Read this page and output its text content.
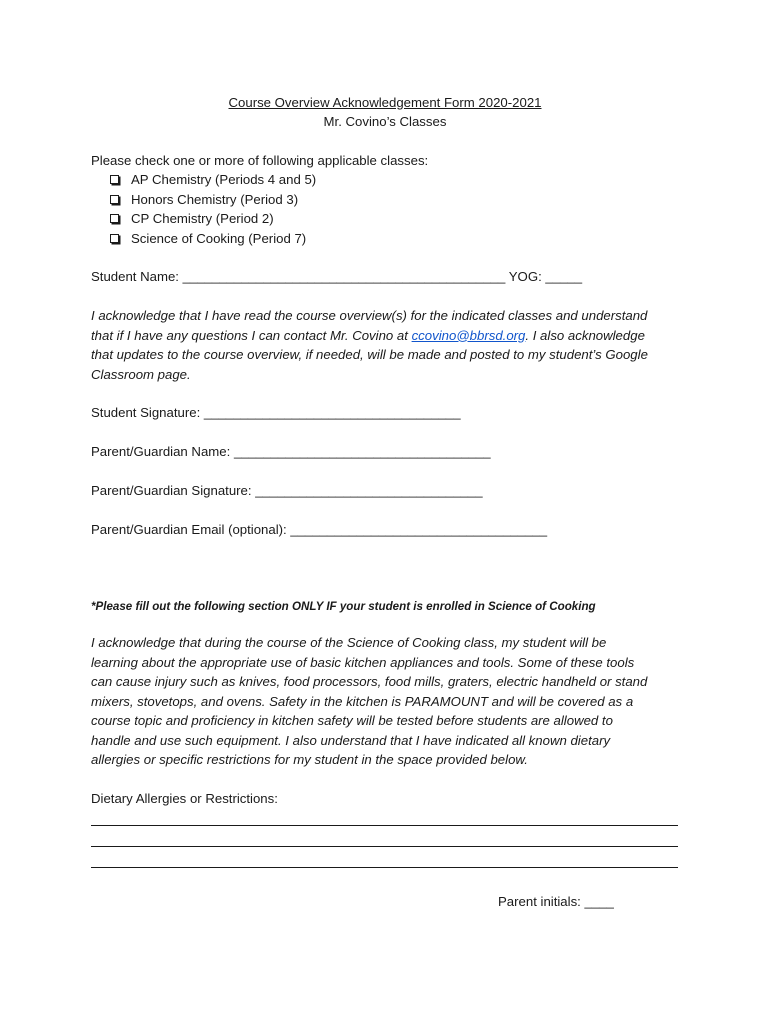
Course Overview Acknowledgement Form 2020-2021
Mr. Covino’s Classes
Please check one or more of following applicable classes:
AP Chemistry (Periods 4 and 5)
Honors Chemistry (Period 3)
CP Chemistry (Period 2)
Science of Cooking (Period 7)
Student Name: ____________________________________________ YOG: _____
I acknowledge that I have read the course overview(s) for the indicated classes and understand
that if I have any questions I can contact Mr. Covino at ccovino@bbrsd.org. I also acknowledge
that updates to the course overview, if needed, will be made and posted to my student’s Google
Classroom page.
Student Signature: ___________________________________
Parent/Guardian Name: ___________________________________
Parent/Guardian Signature: _______________________________
Parent/Guardian Email (optional): ___________________________________
*Please fill out the following section ONLY IF your student is enrolled in Science of Cooking
I acknowledge that during the course of the Science of Cooking class, my student will be
learning about the appropriate use of basic kitchen appliances and tools. Some of these tools
can cause injury such as knives, food processors, food mills, graters, electric handheld or stand
mixers, stovetops, and ovens. Safety in the kitchen is PARAMOUNT and will be covered as a
course topic and proficiency in kitchen safety will be tested before students are allowed to
handle and use such equipment. I also understand that I have indicated all known dietary
allergies or specific restrictions for my student in the space provided below.
Dietary Allergies or Restrictions:
Parent initials: ____
